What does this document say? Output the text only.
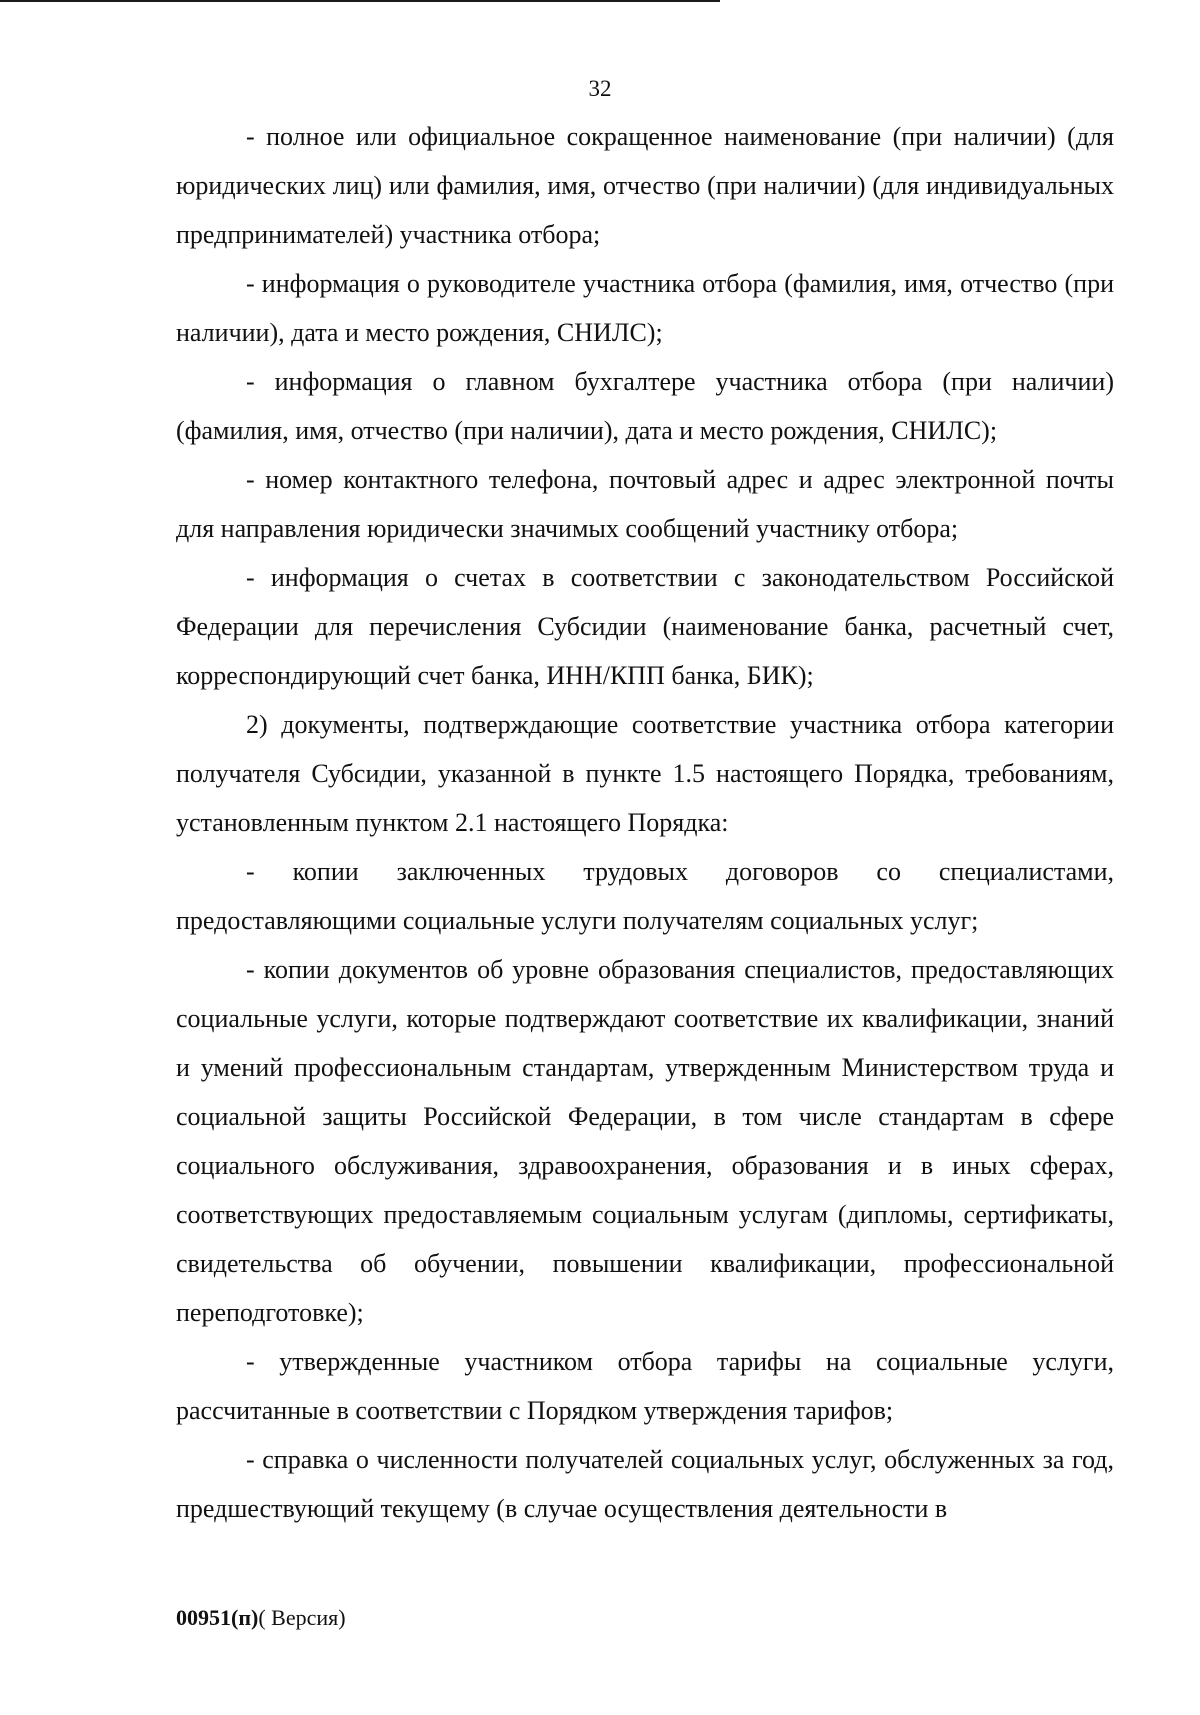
32

- полное или официальное сокращенное наименование (при наличии) (для юридических лиц) или фамилия, имя, отчество (при наличии) (для индивидуальных предпринимателей) участника отбора;

- информация о руководителе участника отбора (фамилия, имя, отчество (при наличии), дата и место рождения, СНИЛС);

- информация о главном бухгалтере участника отбора (при наличии) (фамилия, имя, отчество (при наличии), дата и место рождения, СНИЛС);

- номер контактного телефона, почтовый адрес и адрес электронной почты для направления юридически значимых сообщений участнику отбора;

- информация о счетах в соответствии с законодательством Российской Федерации для перечисления Субсидии (наименование банка, расчетный счет, корреспондирующий счет банка, ИНН/КПП банка, БИК);

2) документы, подтверждающие соответствие участника отбора категории получателя Субсидии, указанной в пункте 1.5 настоящего Порядка, требованиям, установленным пунктом 2.1 настоящего Порядка:

- копии заключенных трудовых договоров со специалистами, предоставляющими социальные услуги получателям социальных услуг;

- копии документов об уровне образования специалистов, предоставляющих социальные услуги, которые подтверждают соответствие их квалификации, знаний и умений профессиональным стандартам, утвержденным Министерством труда и социальной защиты Российской Федерации, в том числе стандартам в сфере социального обслуживания, здравоохранения, образования и в иных сферах, соответствующих предоставляемым социальным услугам (дипломы, сертификаты, свидетельства об обучении, повышении квалификации, профессиональной переподготовке);

- утвержденные участником отбора тарифы на социальные услуги, рассчитанные в соответствии с Порядком утверждения тарифов;

- справка о численности получателей социальных услуг, обслуженных за год, предшествующий текущему (в случае осуществления деятельности в

00951(п)( Версия)
